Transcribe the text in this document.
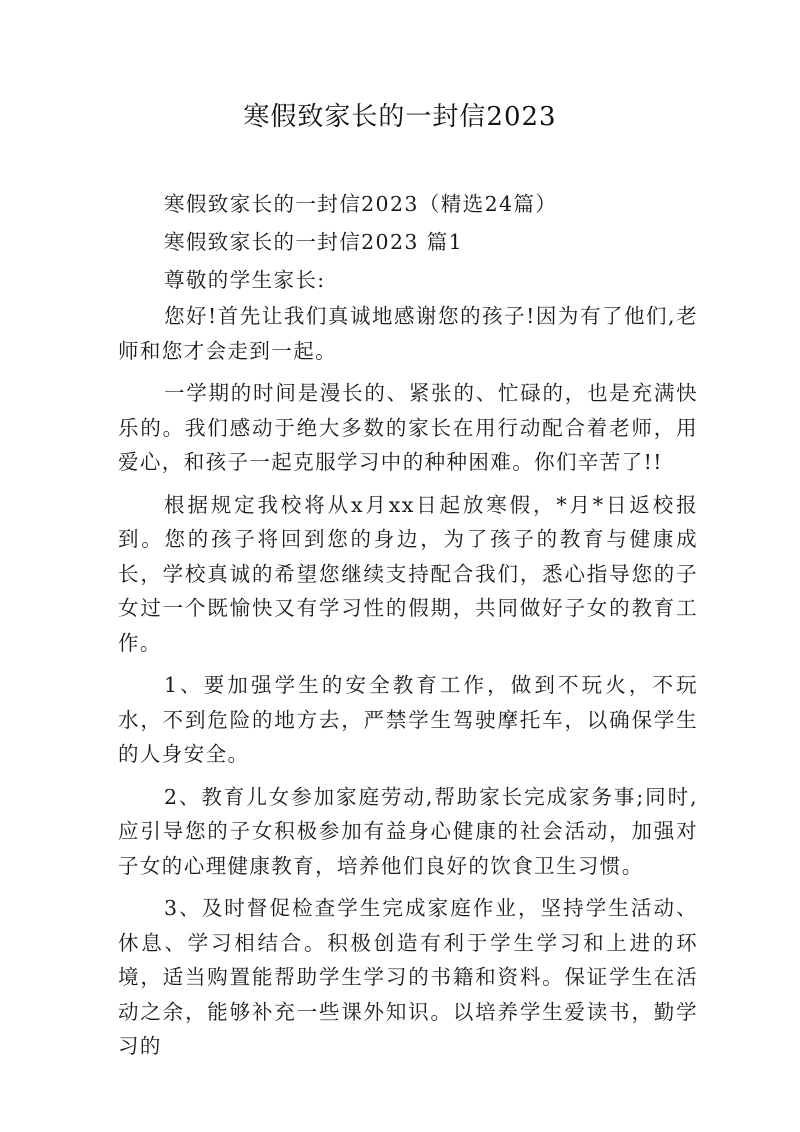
寒假致家长的一封信2023

寒假致家长的一封信2023（精选24篇）

寒假致家长的一封信2023 篇1

尊敬的学生家长:

您好!首先让我们真诚地感谢您的孩子!因为有了他们,老师和您才会走到一起。

一学期的时间是漫长的、紧张的、忙碌的，也是充满快乐的。我们感动于绝大多数的家长在用行动配合着老师，用爱心，和孩子一起克服学习中的种种困难。你们辛苦了!!

根据规定我校将从x月xx日起放寒假，*月*日返校报到。您的孩子将回到您的身边，为了孩子的教育与健康成长，学校真诚的希望您继续支持配合我们，悉心指导您的子女过一个既愉快又有学习性的假期，共同做好子女的教育工作。

1、要加强学生的安全教育工作，做到不玩火，不玩水，不到危险的地方去，严禁学生驾驶摩托车，以确保学生的人身安全。

2、教育儿女参加家庭劳动,帮助家长完成家务事;同时,应引导您的子女积极参加有益身心健康的社会活动，加强对子女的心理健康教育，培养他们良好的饮食卫生习惯。

3、及时督促检查学生完成家庭作业，坚持学生活动、休息、学习相结合。积极创造有利于学生学习和上进的环境，适当购置能帮助学生学习的书籍和资料。保证学生在活动之余，能够补充一些课外知识。以培养学生爱读书，勤学习的
